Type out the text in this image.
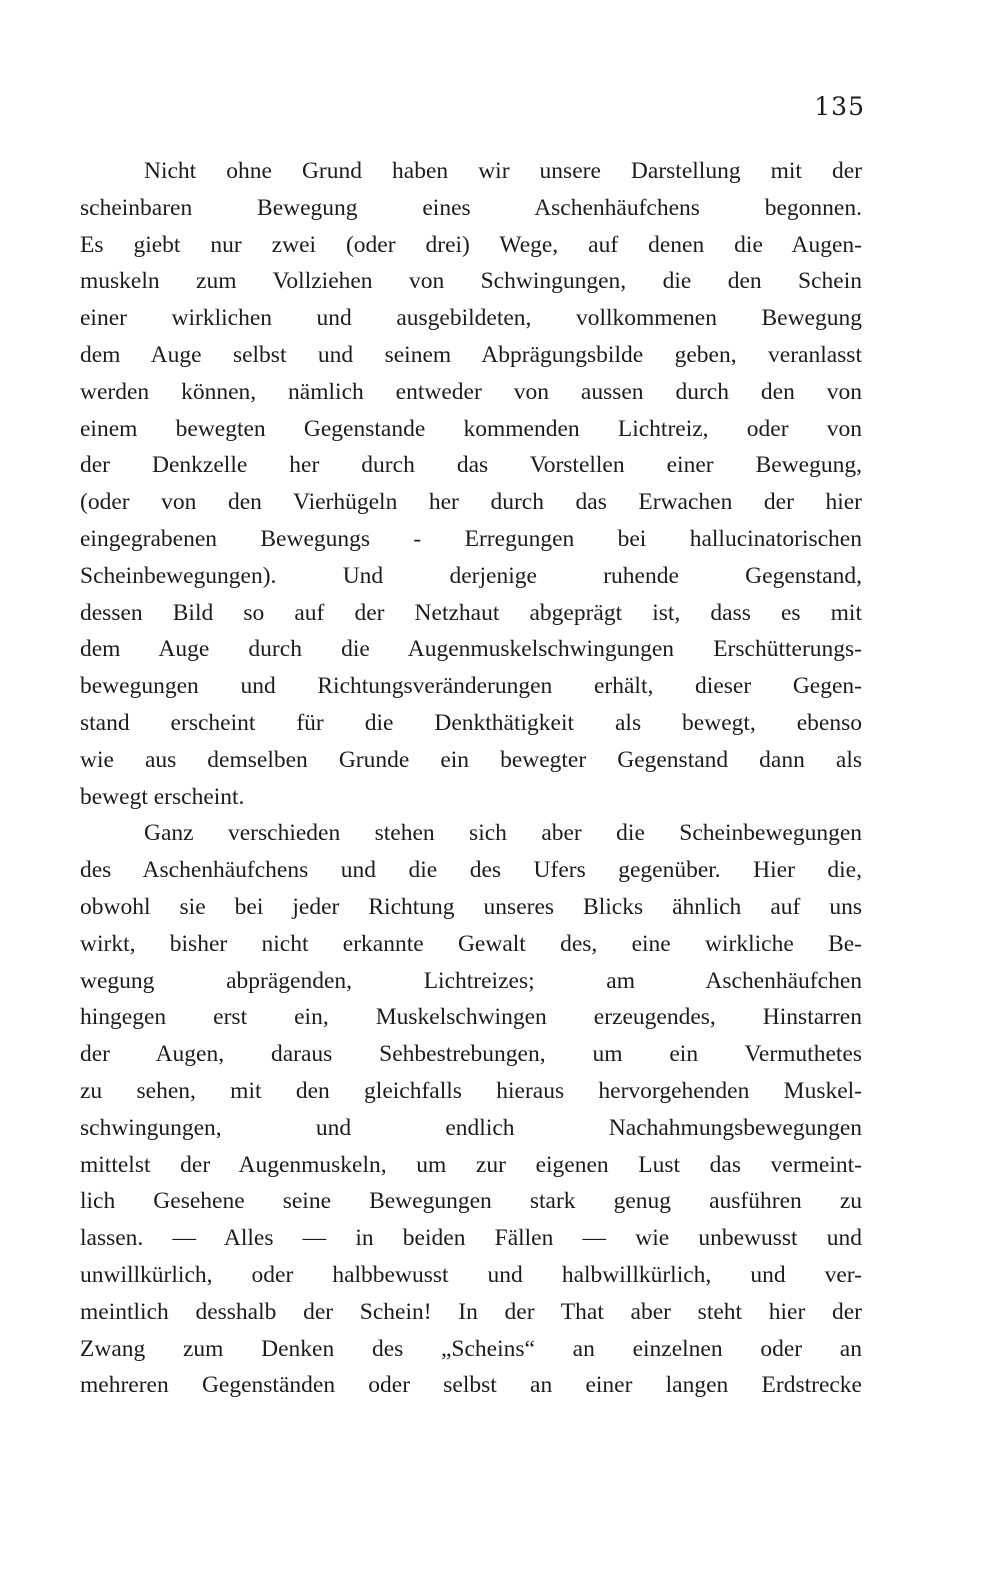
135
Nicht ohne Grund haben wir unsere Darstellung mit der
scheinbaren Bewegung eines Aschenhäufchens begonnen.
Es giebt nur zwei (oder drei) Wege, auf denen die Augen-
muskeln zum Vollziehen von Schwingungen, die den Schein
einer wirklichen und ausgebildeten, vollkommenen Bewegung
dem Auge selbst und seinem Abprägungsbilde geben, veranlasst
werden können, nämlich entweder von aussen durch den von
einem bewegten Gegenstande kommenden Lichtreiz, oder von
der Denkzelle her durch das Vorstellen einer Bewegung,
(oder von den Vierhügeln her durch das Erwachen der hier
eingegrabenen Bewegungs - Erregungen bei hallucinatorischen
Scheinbewegungen). Und derjenige ruhende Gegenstand,
dessen Bild so auf der Netzhaut abgeprägt ist, dass es mit
dem Auge durch die Augenmuskelschwingungen Erschütterungs-
bewegungen und Richtungsveränderungen erhält, dieser Gegen-
stand erscheint für die Denkthätigkeit als bewegt, ebenso
wie aus demselben Grunde ein bewegter Gegenstand dann als
bewegt erscheint.
Ganz verschieden stehen sich aber die Scheinbewegungen
des Aschenhäufchens und die des Ufers gegenüber. Hier die,
obwohl sie bei jeder Richtung unseres Blicks ähnlich auf uns
wirkt, bisher nicht erkannte Gewalt des, eine wirkliche Be-
wegung abprägenden, Lichtreizes; am Aschenhäufchen
hingegen erst ein, Muskelschwingen erzeugendes, Hinstarren
der Augen, daraus Sehbestrebungen, um ein Vermuthetes
zu sehen, mit den gleichfalls hieraus hervorgehenden Muskel-
schwingungen, und endlich Nachahmungsbewegungen
mittelst der Augenmuskeln, um zur eigenen Lust das vermeint-
lich Gesehene seine Bewegungen stark genug ausführen zu
lassen. — Alles — in beiden Fällen — wie unbewusst und
unwillkürlich, oder halbbewusst und halbwillkürlich, und ver-
meintlich desshalb der Schein! In der That aber steht hier der
Zwang zum Denken des „Scheins“ an einzelnen oder an
mehreren Gegenständen oder selbst an einer langen Erdstrecke
